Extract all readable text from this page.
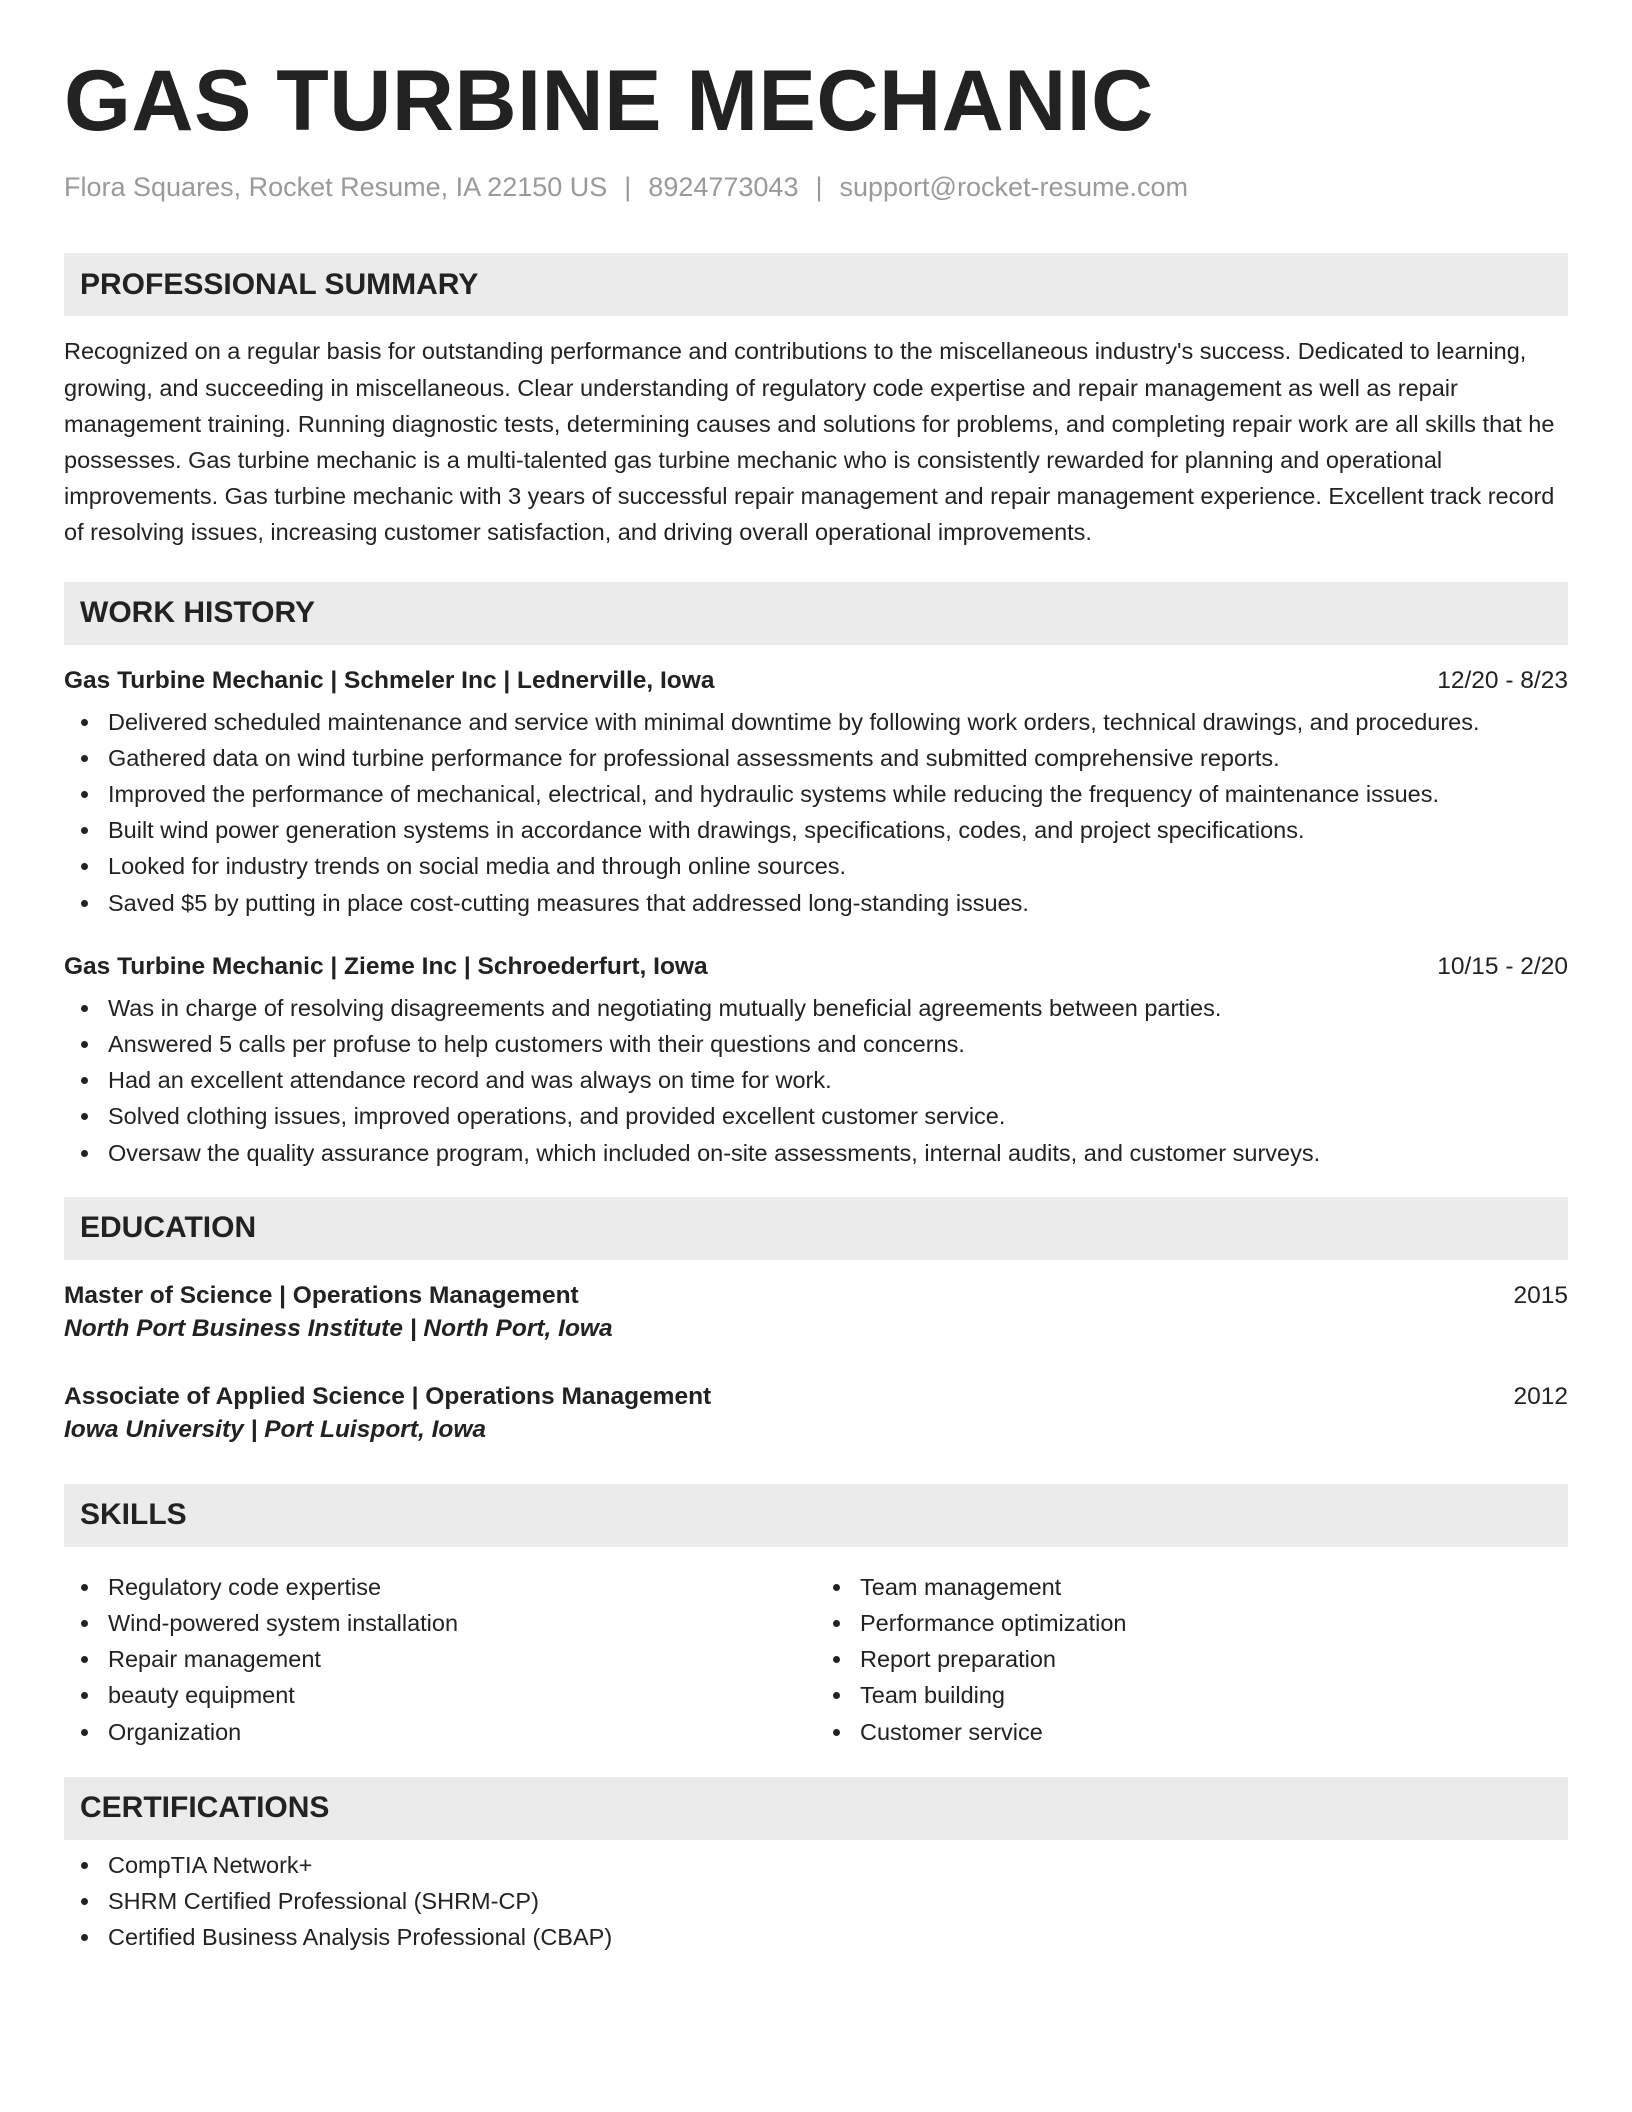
GAS TURBINE MECHANIC
Flora Squares, Rocket Resume, IA 22150 US | 8924773043 | support@rocket-resume.com
PROFESSIONAL SUMMARY

Recognized on a regular basis for outstanding performance and contributions to the miscellaneous industry's success. Dedicated to learning, growing, and succeeding in miscellaneous. Clear understanding of regulatory code expertise and repair management as well as repair management training. Running diagnostic tests, determining causes and solutions for problems, and completing repair work are all skills that he possesses. Gas turbine mechanic is a multi-talented gas turbine mechanic who is consistently rewarded for planning and operational improvements. Gas turbine mechanic with 3 years of successful repair management and repair management experience. Excellent track record of resolving issues, increasing customer satisfaction, and driving overall operational improvements.

WORK HISTORY
Gas Turbine Mechanic | Schmeler Inc | Lednerville, Iowa	12/20 - 8/23
Delivered scheduled maintenance and service with minimal downtime by following work orders, technical drawings, and procedures.
Gathered data on wind turbine performance for professional assessments and submitted comprehensive reports.
Improved the performance of mechanical, electrical, and hydraulic systems while reducing the frequency of maintenance issues.
Built wind power generation systems in accordance with drawings, specifications, codes, and project specifications.
Looked for industry trends on social media and through online sources.
Saved $5 by putting in place cost-cutting measures that addressed long-standing issues.
Gas Turbine Mechanic | Zieme Inc | Schroederfurt, Iowa	10/15 - 2/20
Was in charge of resolving disagreements and negotiating mutually beneficial agreements between parties.
Answered 5 calls per profuse to help customers with their questions and concerns.
Had an excellent attendance record and was always on time for work.
Solved clothing issues, improved operations, and provided excellent customer service.
Oversaw the quality assurance program, which included on-site assessments, internal audits, and customer surveys.
EDUCATION
Master of Science | Operations Management	2015
North Port Business Institute | North Port, Iowa
Associate of Applied Science | Operations Management	2012
Iowa University | Port Luisport, Iowa
SKILLS
Regulatory code expertise
Wind-powered system installation
Repair management
beauty equipment
Organization
Team management
Performance optimization
Report preparation
Team building
Customer service
CERTIFICATIONS
CompTIA Network+
SHRM Certified Professional (SHRM-CP)
Certified Business Analysis Professional (CBAP)
